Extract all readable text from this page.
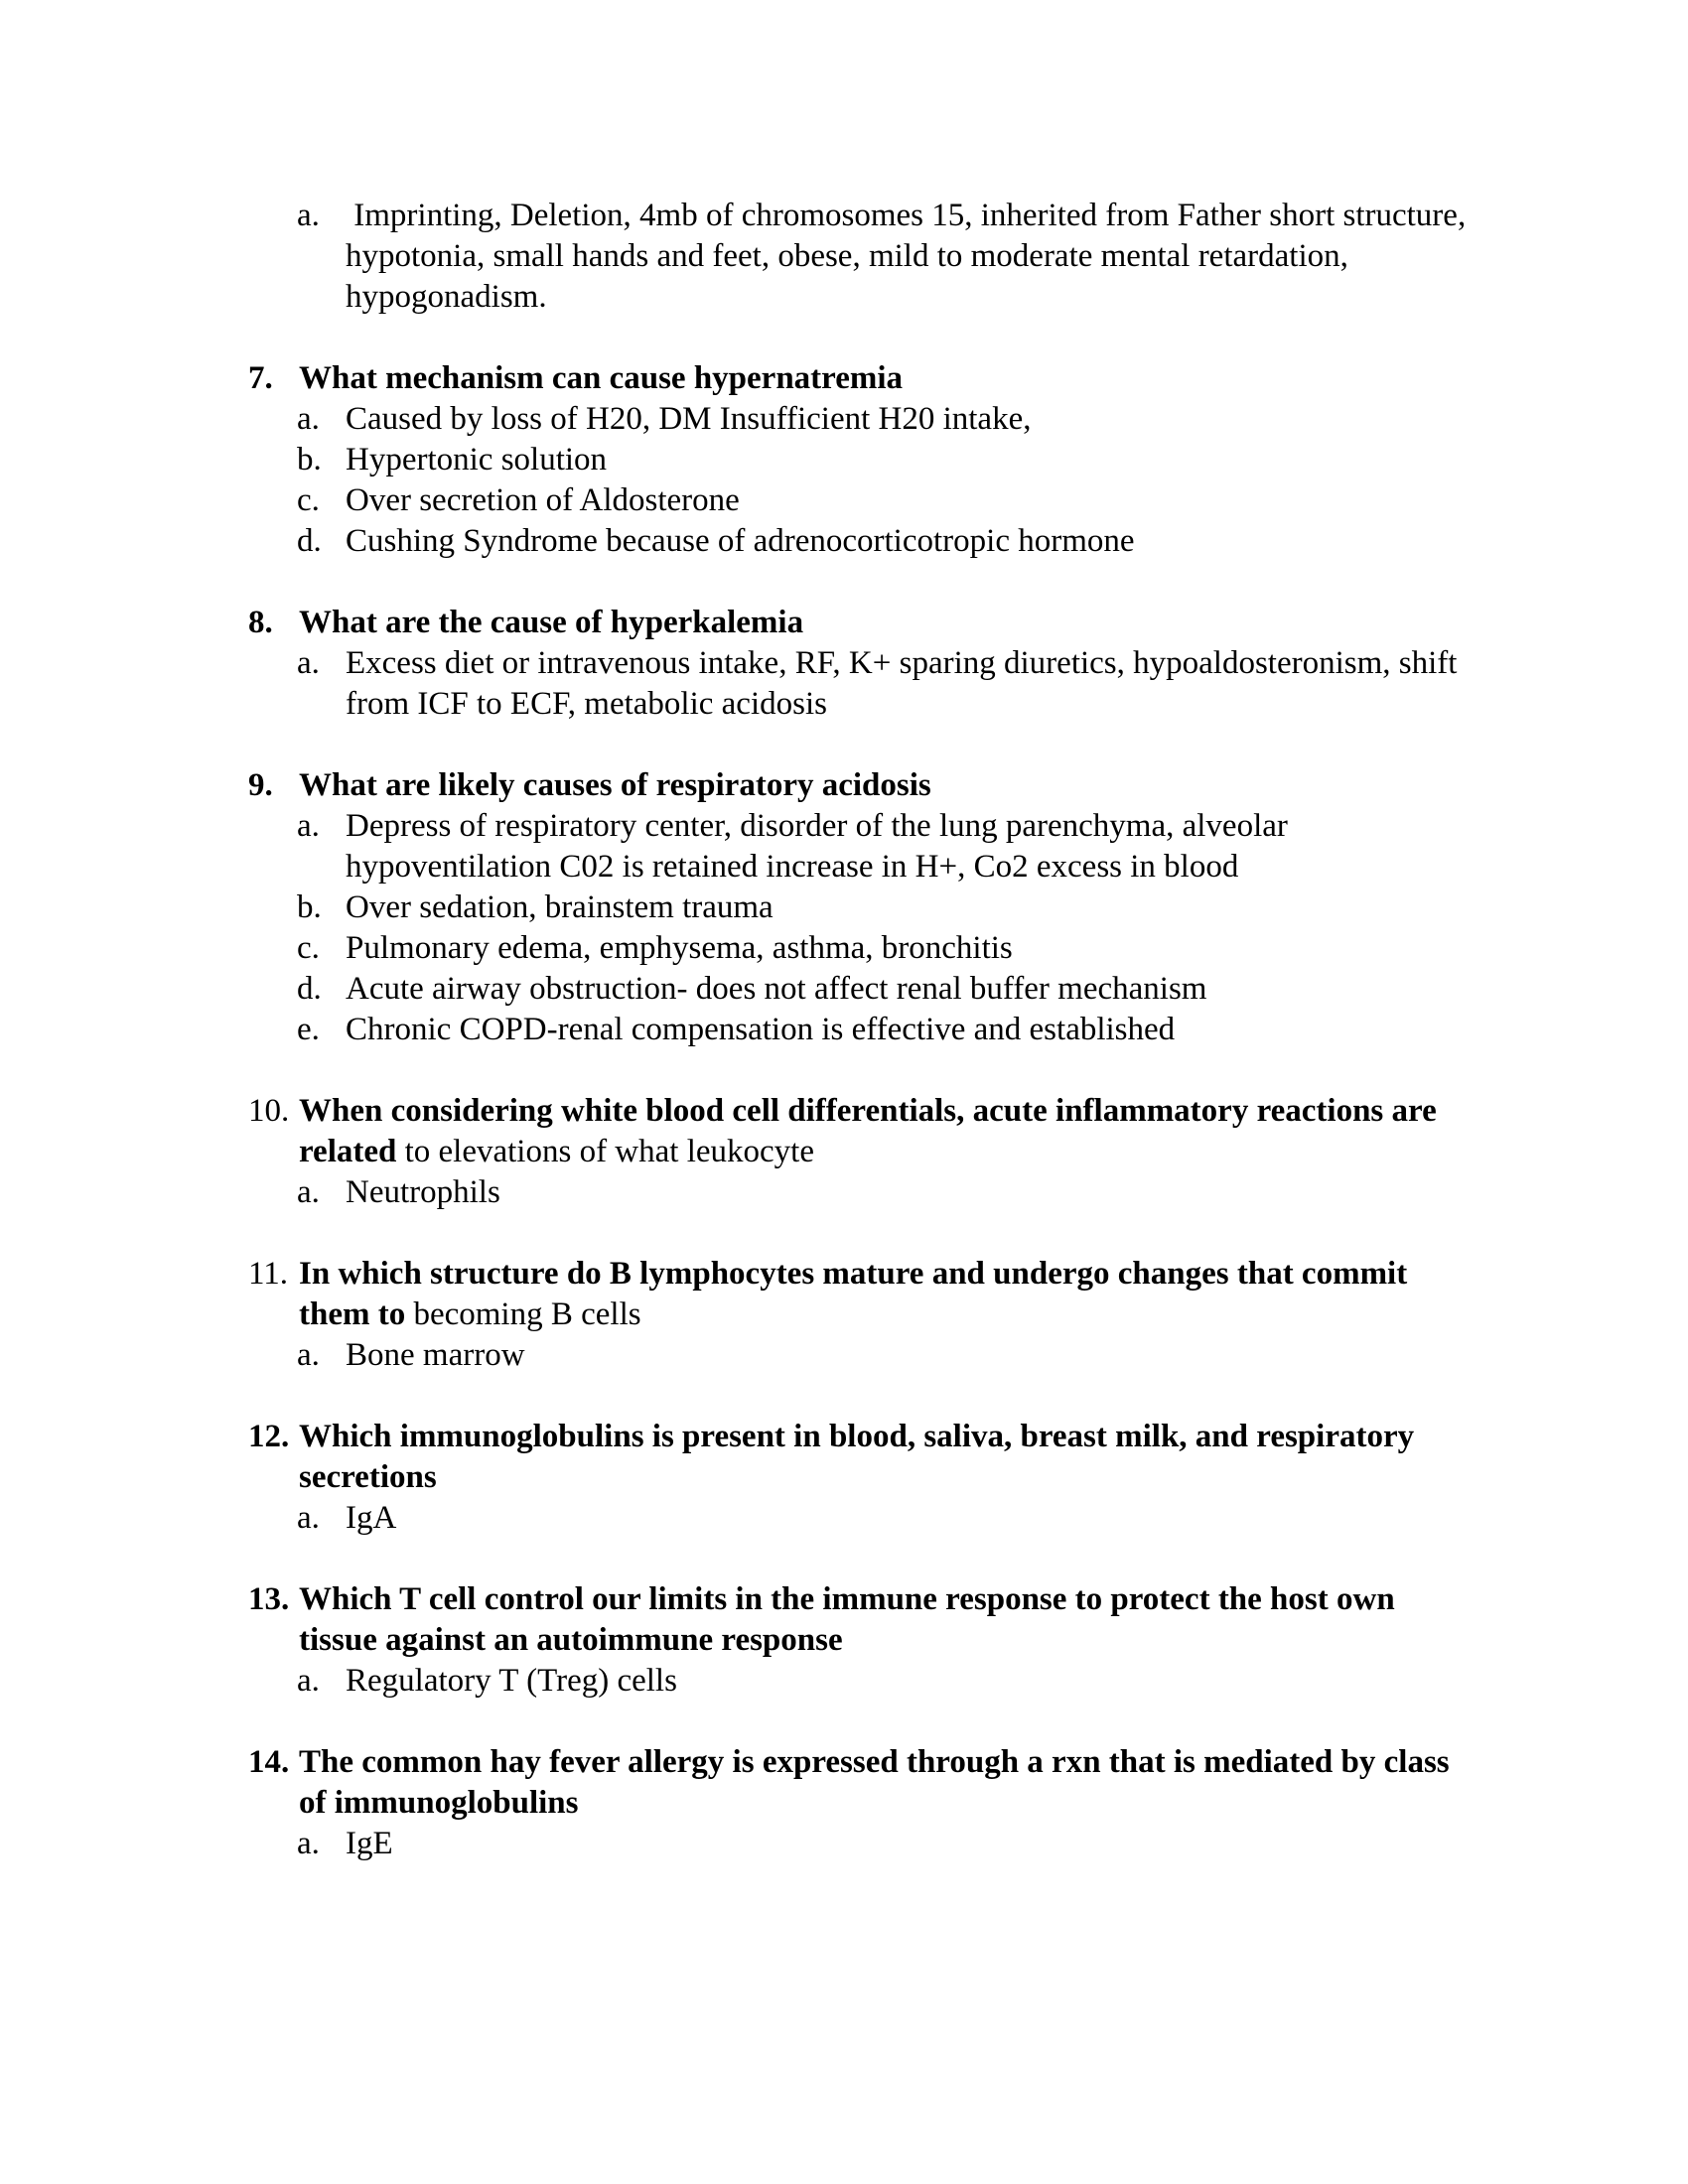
a. Imprinting, Deletion, 4mb of chromosomes 15, inherited from Father short structure,
hypotonia, small hands and feet, obese, mild to moderate mental retardation,
hypogonadism.
7. What mechanism can cause hypernatremia
a. Caused by loss of H20, DM Insufficient H20 intake,
b. Hypertonic solution
c. Over secretion of Aldosterone
d. Cushing Syndrome because of adrenocorticotropic hormone
8. What are the cause of hyperkalemia
a. Excess diet or intravenous intake, RF, K+ sparing diuretics, hypoaldosteronism, shift
from ICF to ECF, metabolic acidosis
9. What are likely causes of respiratory acidosis
a. Depress of respiratory center, disorder of the lung parenchyma, alveolar
hypoventilation C02 is retained increase in H+, Co2 excess in blood
b. Over sedation, brainstem trauma
c. Pulmonary edema, emphysema, asthma, bronchitis
d. Acute airway obstruction- does not affect renal buffer mechanism
e. Chronic COPD-renal compensation is effective and established
10. When considering white blood cell differentials, acute inflammatory reactions are
related to elevations of what leukocyte
a. Neutrophils
11. In which structure do B lymphocytes mature and undergo changes that commit
them to becoming B cells
a. Bone marrow
12. Which immunoglobulins is present in blood, saliva, breast milk, and respiratory
secretions
a. IgA
13. Which T cell control our limits in the immune response to protect the host own
tissue against an autoimmune response
a. Regulatory T (Treg) cells
14. The common hay fever allergy is expressed through a rxn that is mediated by class
of immunoglobulins
a. IgE
